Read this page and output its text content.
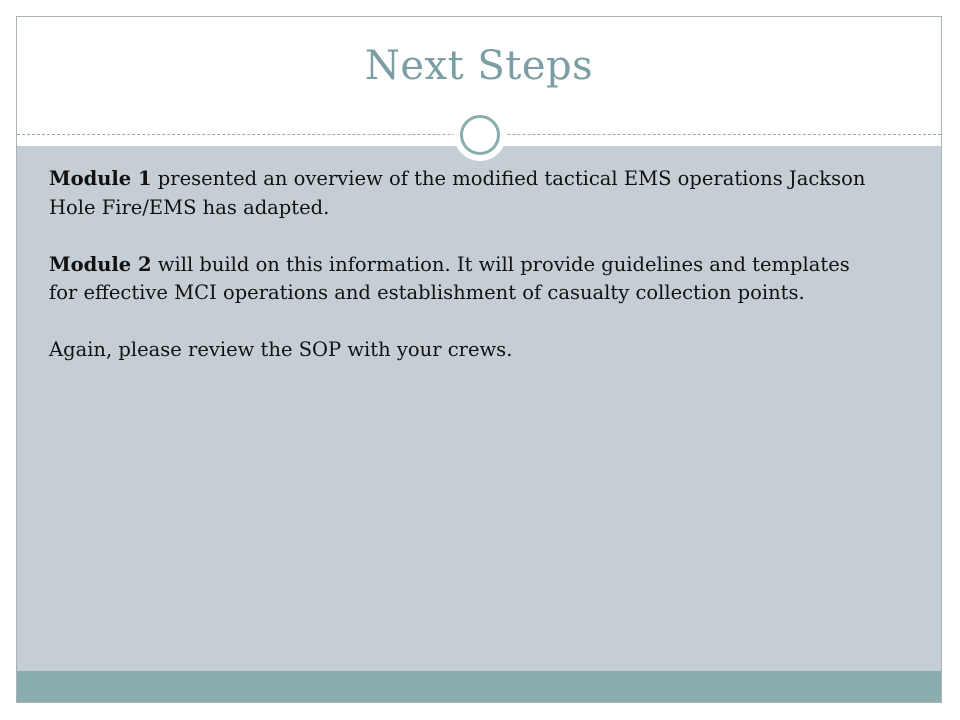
Next Steps

Module 1 presented an overview of the modified tactical EMS operations Jackson Hole Fire/EMS has adapted.

Module 2 will build on this information. It will provide guidelines and templates for effective MCI operations and establishment of casualty collection points.

Again, please review the SOP with your crews.
